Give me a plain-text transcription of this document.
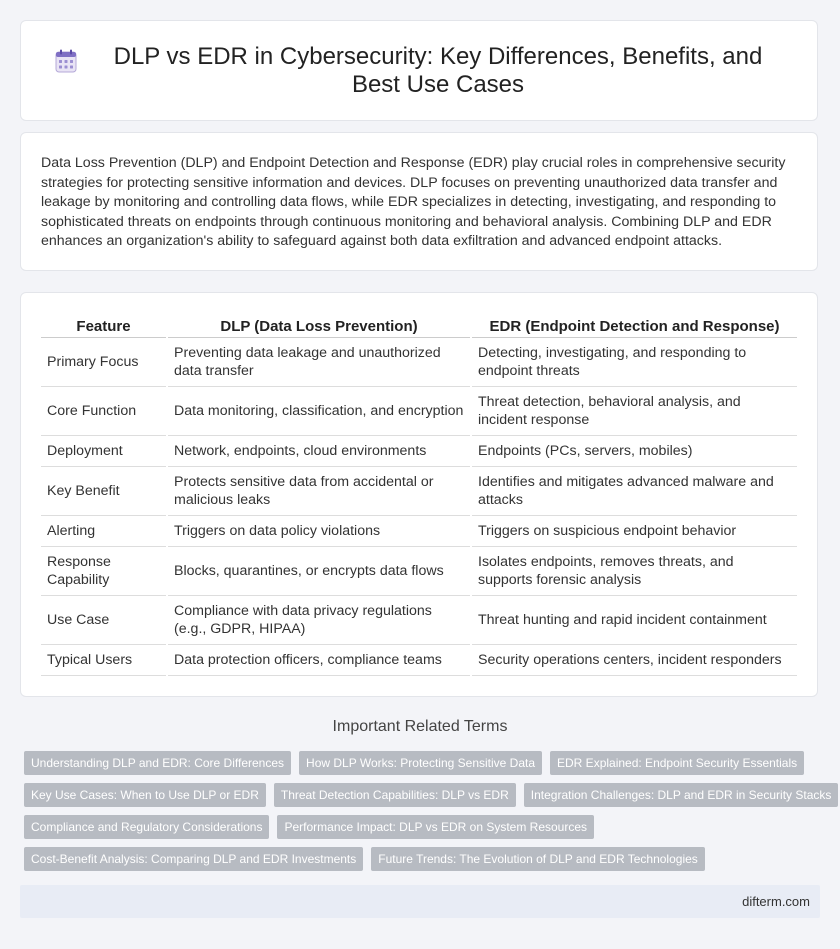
DLP vs EDR in Cybersecurity: Key Differences, Benefits, and Best Use Cases

Data Loss Prevention (DLP) and Endpoint Detection and Response (EDR) play crucial roles in comprehensive security strategies for protecting sensitive information and devices. DLP focuses on preventing unauthorized data transfer and leakage by monitoring and controlling data flows, while EDR specializes in detecting, investigating, and responding to sophisticated threats on endpoints through continuous monitoring and behavioral analysis. Combining DLP and EDR enhances an organization's ability to safeguard against both data exfiltration and advanced endpoint attacks.

Feature	DLP (Data Loss Prevention)	EDR (Endpoint Detection and Response)
Primary Focus	Preventing data leakage and unauthorized data transfer	Detecting, investigating, and responding to endpoint threats
Core Function	Data monitoring, classification, and encryption	Threat detection, behavioral analysis, and incident response
Deployment	Network, endpoints, cloud environments	Endpoints (PCs, servers, mobiles)
Key Benefit	Protects sensitive data from accidental or malicious leaks	Identifies and mitigates advanced malware and attacks
Alerting	Triggers on data policy violations	Triggers on suspicious endpoint behavior
Response Capability	Blocks, quarantines, or encrypts data flows	Isolates endpoints, removes threats, and supports forensic analysis
Use Case	Compliance with data privacy regulations (e.g., GDPR, HIPAA)	Threat hunting and rapid incident containment
Typical Users	Data protection officers, compliance teams	Security operations centers, incident responders
Important Related Terms
Understanding DLP and EDR: Core Differences	How DLP Works: Protecting Sensitive Data	EDR Explained: Endpoint Security Essentials
Key Use Cases: When to Use DLP or EDR	Threat Detection Capabilities: DLP vs EDR	Integration Challenges: DLP and EDR in Security Stacks
Compliance and Regulatory Considerations	Performance Impact: DLP vs EDR on System Resources
Cost-Benefit Analysis: Comparing DLP and EDR Investments	Future Trends: The Evolution of DLP and EDR Technologies
difterm.com
